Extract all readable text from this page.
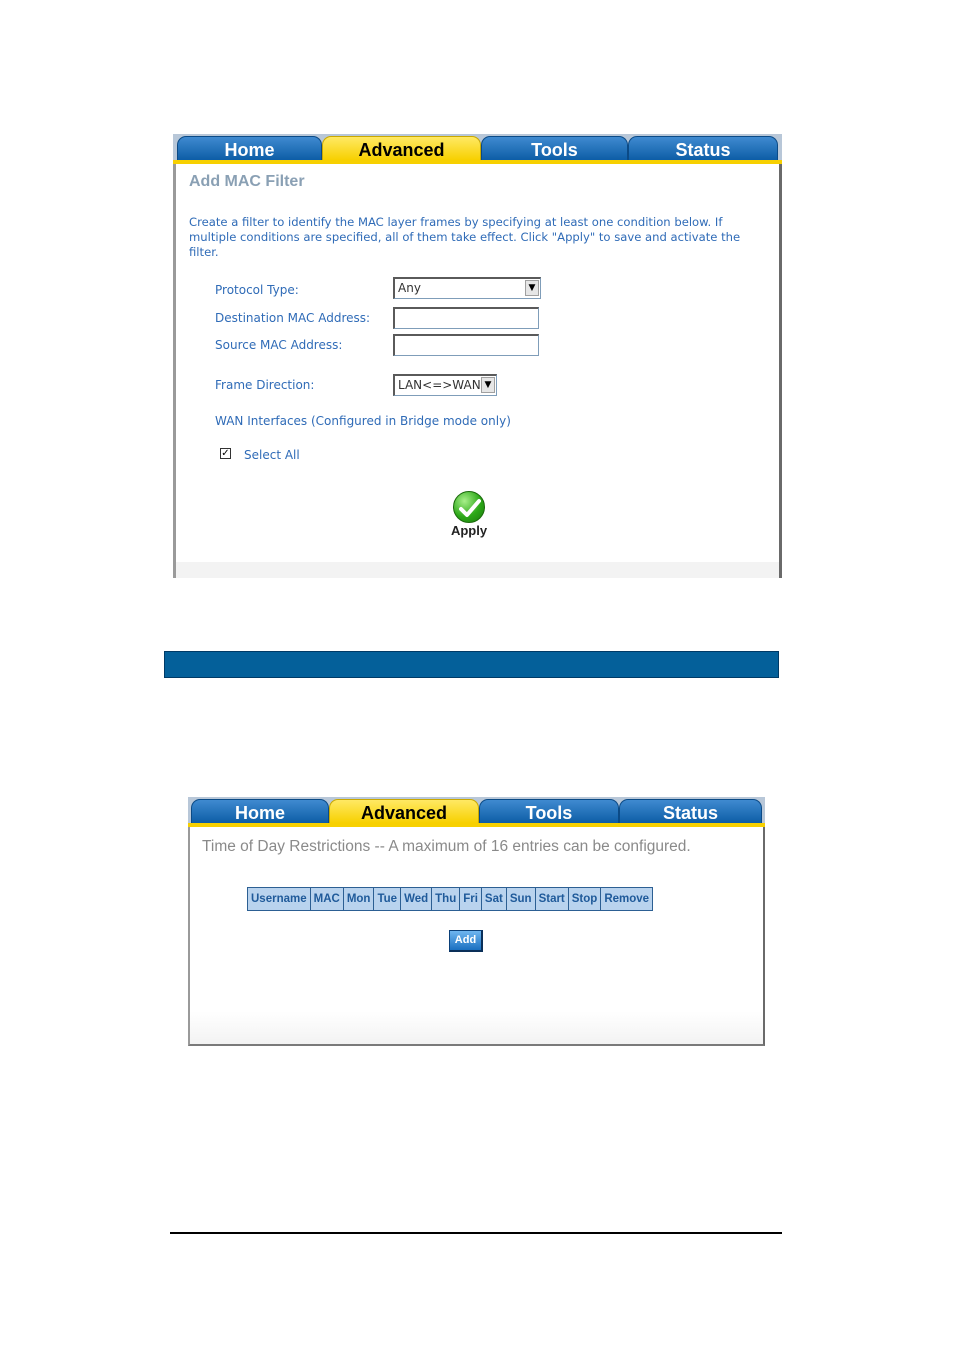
Home	Advanced	Tools	Status
Add MAC Filter
Create a filter to identify the MAC layer frames by specifying at least one condition below. If multiple conditions are specified, all of them take effect. Click "Apply" to save and activate the filter.
Protocol Type:	Any	▼
Destination MAC Address:
Source MAC Address:
Frame Direction:	LAN<=>WAN ▼
WAN Interfaces (Configured in Bridge mode only)
✓ Select All
Apply
Home	Advanced	Tools	Status
Time of Day Restrictions -- A maximum of 16 entries can be configured.
Username	MAC	Mon	Tue	Wed	Thu	Fri	Sat	Sun	Start	Stop	Remove
Add
